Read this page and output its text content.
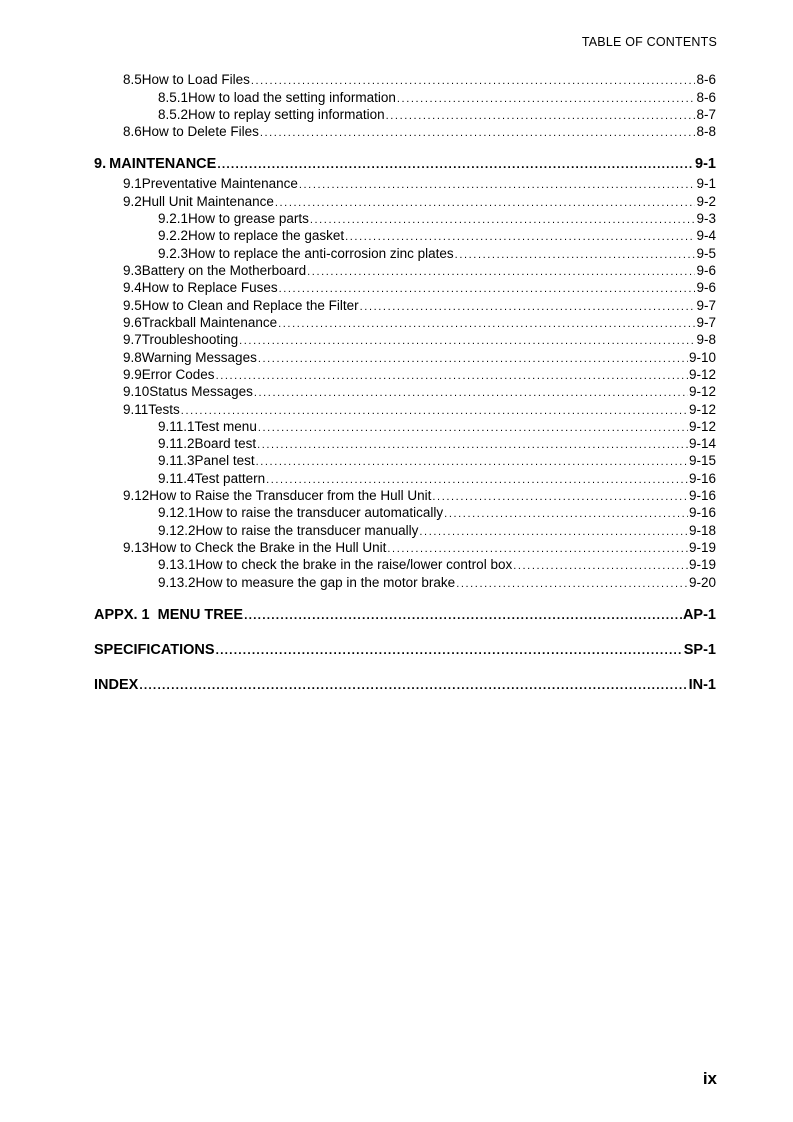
TABLE OF CONTENTS
8.5 How to Load Files .....	8-6
8.5.1 How to load the setting information .....	8-6
8.5.2 How to replay setting information .....	8-7
8.6 How to Delete Files .....	8-8
9. MAINTENANCE .....	9-1
9.1 Preventative Maintenance .....	9-1
9.2 Hull Unit Maintenance .....	9-2
9.2.1 How to grease parts .....	9-3
9.2.2 How to replace the gasket .....	9-4
9.2.3 How to replace the anti-corrosion zinc plates .....	9-5
9.3 Battery on the Motherboard .....	9-6
9.4 How to Replace Fuses .....	9-6
9.5 How to Clean and Replace the Filter .....	9-7
9.6 Trackball Maintenance .....	9-7
9.7 Troubleshooting .....	9-8
9.8 Warning Messages .....	9-10
9.9 Error Codes .....	9-12
9.10 Status Messages .....	9-12
9.11 Tests .....	9-12
9.11.1 Test menu .....	9-12
9.11.2 Board test .....	9-14
9.11.3 Panel test .....	9-15
9.11.4 Test pattern .....	9-16
9.12 How to Raise the Transducer from the Hull Unit .....	9-16
9.12.1 How to raise the transducer automatically .....	9-16
9.12.2 How to raise the transducer manually .....	9-18
9.13 How to Check the Brake in the Hull Unit .....	9-19
9.13.1 How to check the brake in the raise/lower control box .....	9-19
9.13.2 How to measure the gap in the motor brake .....	9-20
APPX. 1  MENU TREE .....	AP-1
SPECIFICATIONS .....	SP-1
INDEX .....	IN-1
ix
